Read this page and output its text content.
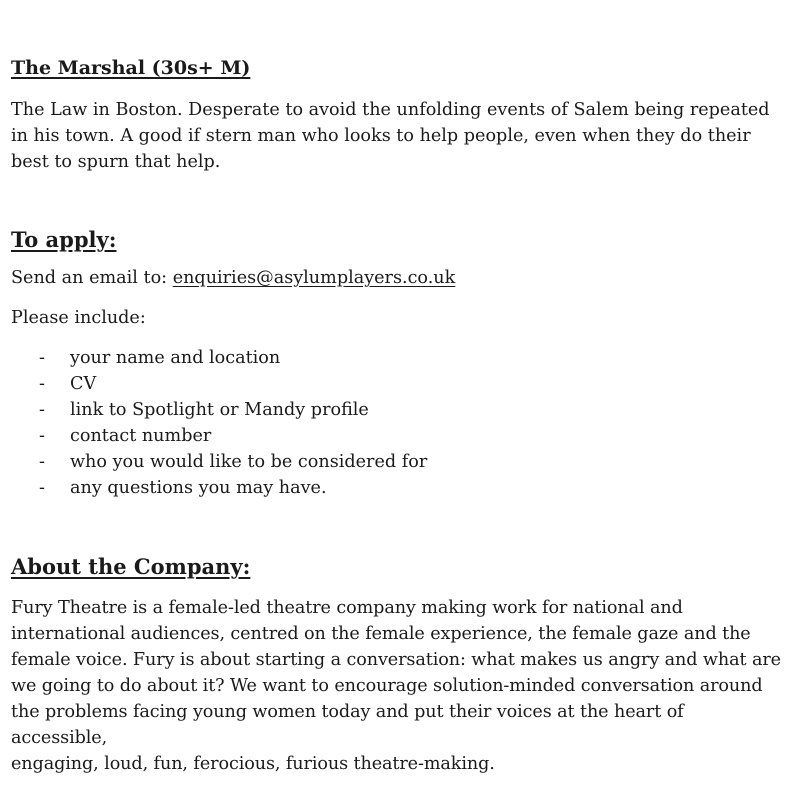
The Marshal (30s+ M)

The Law in Boston. Desperate to avoid the unfolding events of Salem being repeated in his town. A good if stern man who looks to help people, even when they do their best to spurn that help.

To apply:

Send an email to: enquiries@asylumplayers.co.uk

Please include:

- your name and location
- CV
- link to Spotlight or Mandy profile
- contact number
- who you would like to be considered for
- any questions you may have.
About the Company:

Fury Theatre is a female-led theatre company making work for national and
international audiences, centred on the female experience, the female gaze and the
female voice. Fury is about starting a conversation: what makes us angry and what are
we going to do about it? We want to encourage solution-minded conversation around
the problems facing young women today and put their voices at the heart of accessible,
engaging, loud, fun, ferocious, furious theatre-making.
